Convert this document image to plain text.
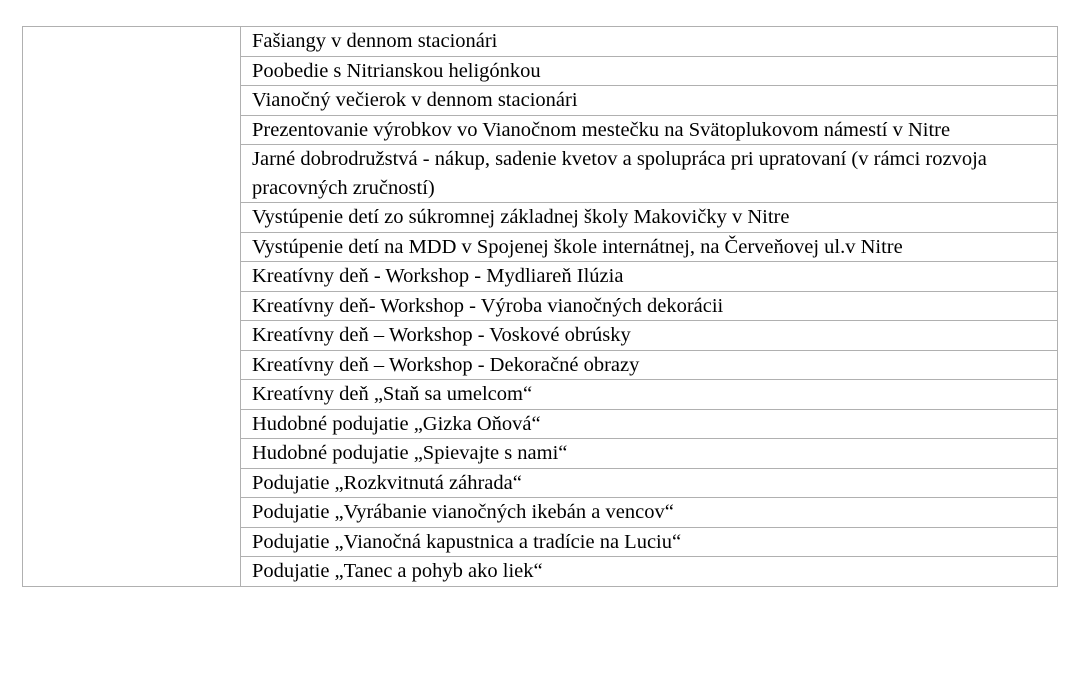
	Fašiangy v dennom stacionári
Poobedie s Nitrianskou heligónkou
Vianočný večierok v dennom stacionári
Prezentovanie výrobkov vo Vianočnom mestečku na Svätoplukovom námestí v Nitre
Jarné dobrodružstvá - nákup, sadenie kvetov a spolupráca pri upratovaní (v rámci rozvoja pracovných zručností)
Vystúpenie detí zo súkromnej základnej školy Makovičky v Nitre
Vystúpenie detí na MDD v Spojenej škole internátnej, na Červeňovej ul.v Nitre
Kreatívny deň - Workshop - Mydliareň Ilúzia
Kreatívny deň- Workshop - Výroba vianočných dekorácii
Kreatívny deň – Workshop - Voskové obrúsky
Kreatívny deň – Workshop - Dekoračné obrazy
Kreatívny deň „Staň sa umelcom“
Hudobné podujatie „Gizka Oňová“
Hudobné podujatie „Spievajte s nami“
Podujatie „Rozkvitnutá záhrada“
Podujatie „Vyrábanie vianočných ikebán a vencov“
Podujatie „Vianočná kapustnica a tradície na Luciu“
Podujatie „Tanec a pohyb ako liek“
